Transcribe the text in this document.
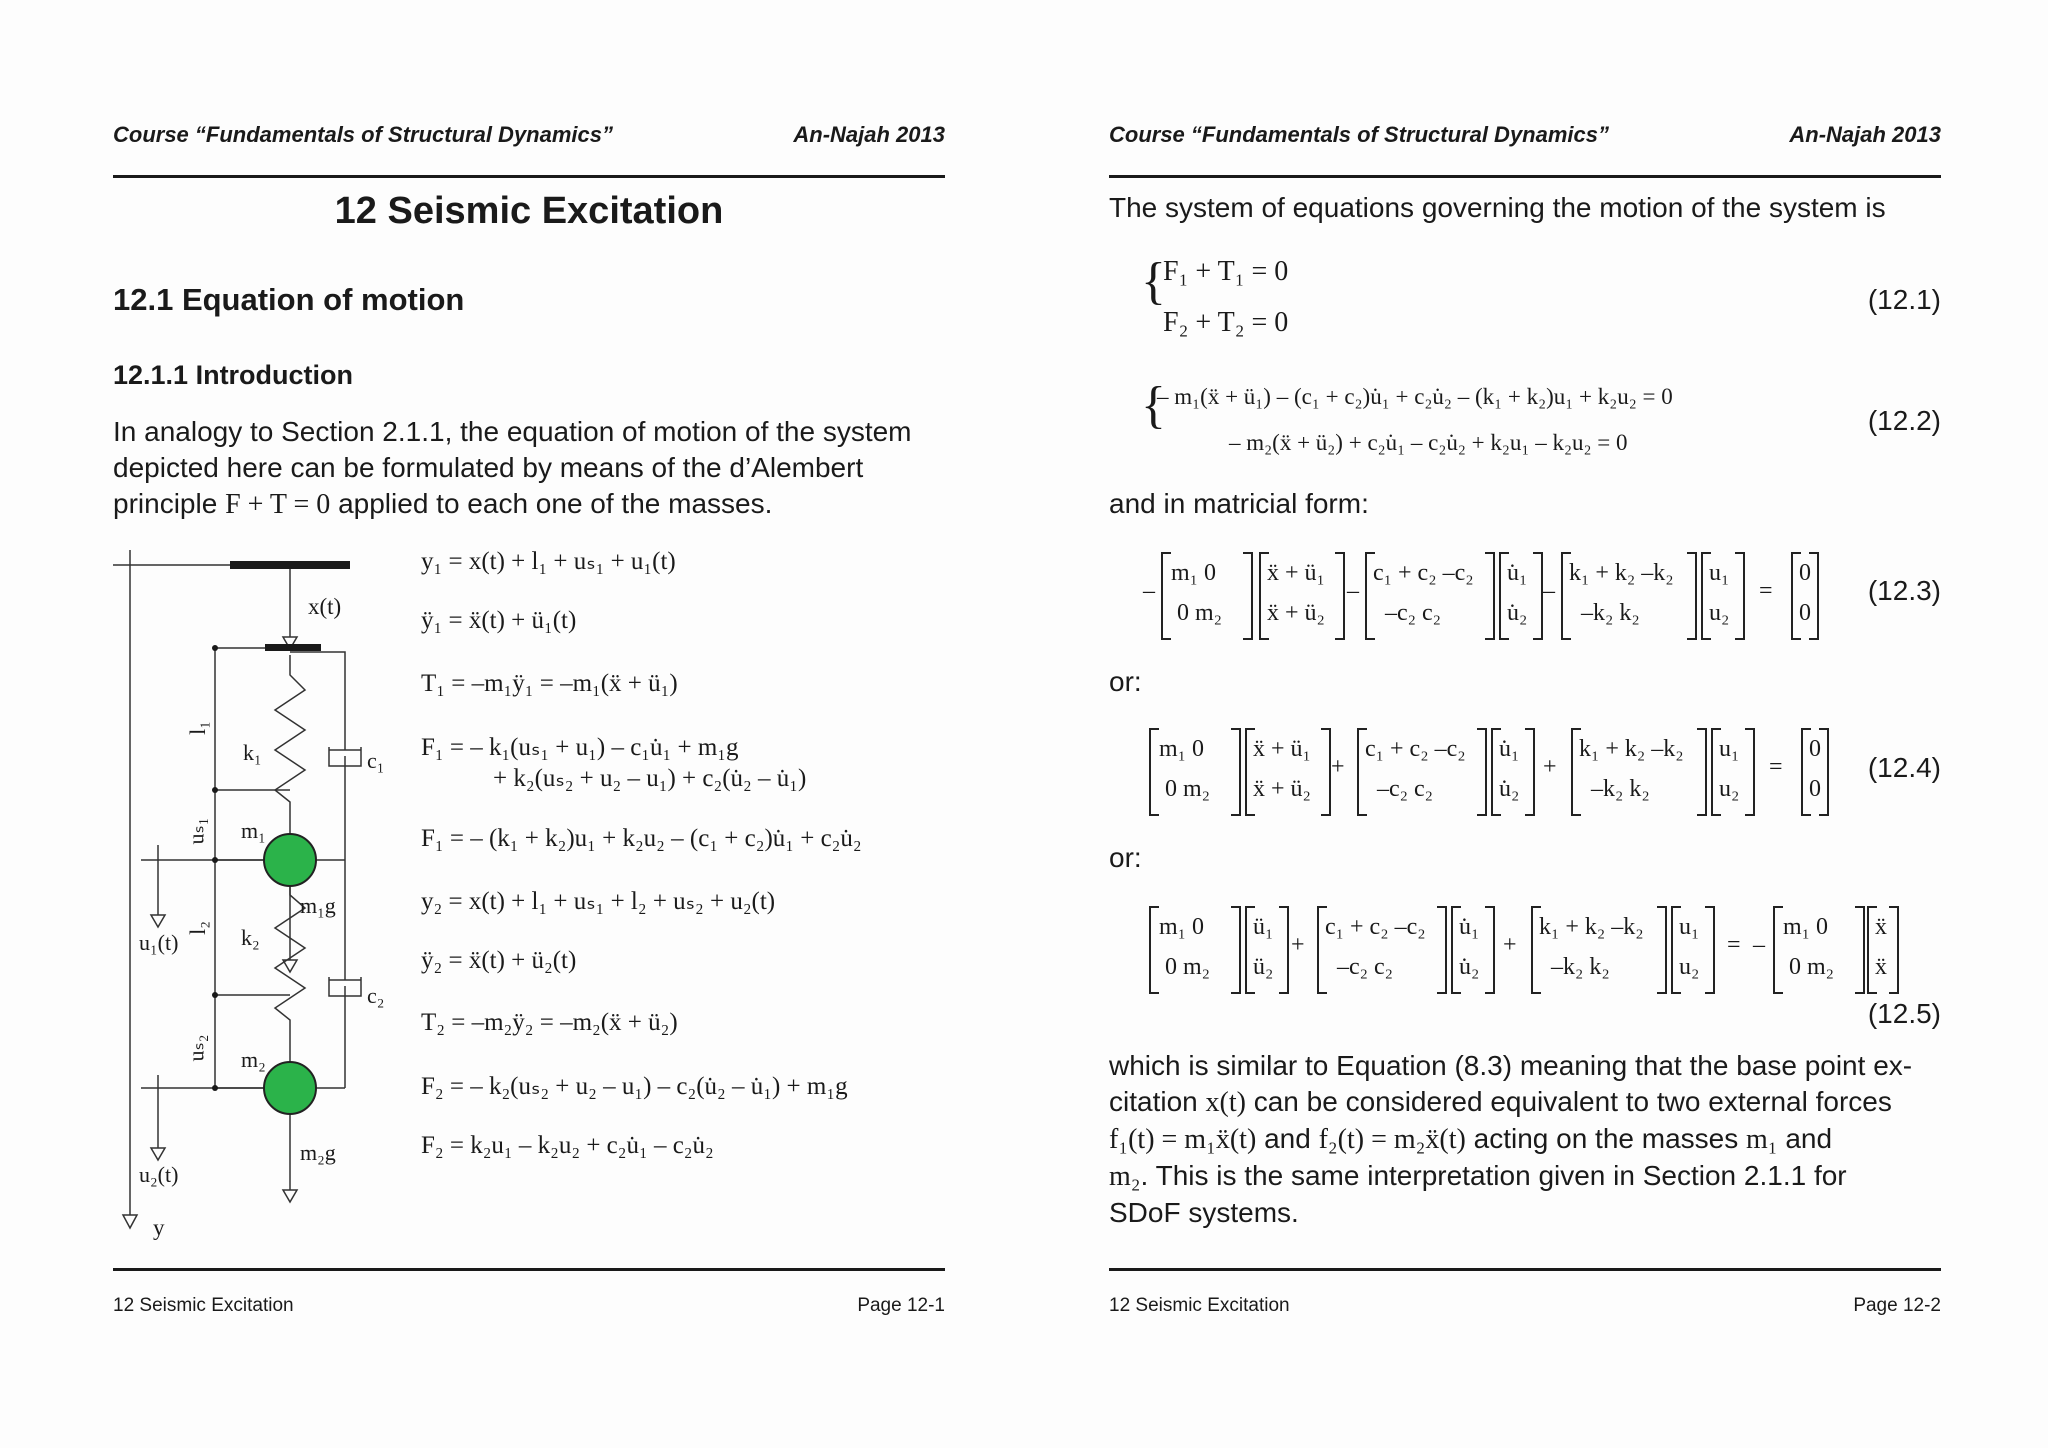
Course “Fundamentals of Structural Dynamics”	An-Najah 2013
12 Seismic Excitation
12.1 Equation of motion
12.1.1 Introduction
In analogy to Section 2.1.1, the equation of motion of the system
depicted here can be formulated by means of the d’Alembert
principle F + T = 0 applied to each one of the masses.
x(t)
l₁
k₁	c₁
uₛ₁ m₁
m₁g
u₁(t)
l₂ k₂
c₂
uₛ₂ m₂
m₂g
u₂(t)
y
y₁ = x(t) + l₁ + uₛ₁ + u₁(t)
ÿ₁ = ẍ(t) + ü₁(t)
T₁ = –m₁ÿ₁ = –m₁(ẍ + ü₁)
F₁ = – k₁(uₛ₁ + u₁) – c₁u̇₁ + m₁g
+ k₂(uₛ₂ + u₂ – u₁) + c₂(u̇₂ – u̇₁)
F₁ = – (k₁ + k₂)u₁ + k₂u₂ – (c₁ + c₂)u̇₁ + c₂u̇₂
y₂ = x(t) + l₁ + uₛ₁ + l₂ + uₛ₂ + u₂(t)
ÿ₂ = ẍ(t) + ü₂(t)
T₂ = –m₂ÿ₂ = –m₂(ẍ + ü₂)
F₂ = – k₂(uₛ₂ + u₂ – u₁) – c₂(u̇₂ – u̇₁) + m₁g
F₂ = k₂u₁ – k₂u₂ + c₂u̇₁ – c₂u̇₂
12 Seismic Excitation	Page 12-1
Course “Fundamentals of Structural Dynamics”	An-Najah 2013
The system of equations governing the motion of the system is
{
F₁ + T₁ = 0
F₂ + T₂ = 0
(12.1)
{
– m₁(ẍ + ü₁) – (c₁ + c₂)u̇₁ + c₂u̇₂ – (k₁ + k₂)u₁ + k₂u₂ = 0
– m₂(ẍ + ü₂) + c₂u̇₁ – c₂u̇₂ + k₂u₁ – k₂u₂ = 0
(12.2)
and in matricial form:
–
m₁ 0
0 m₂
ẍ + ü₁
ẍ + ü₂
–
c₁ + c₂ –c₂
–c₂ c₂
u̇₁
u̇₂
–
k₁ + k₂ –k₂
–k₂ k₂
u₁
u₂
=
0
0
(12.3)
or:
m₁ 0
0 m₂
ẍ + ü₁
ẍ + ü₂
+
c₁ + c₂ –c₂
–c₂ c₂
u̇₁
u̇₂
+
k₁ + k₂ –k₂
–k₂ k₂
u₁
u₂
=
0
0
(12.4)
or:
m₁ 0
0 m₂
ü₁
ü₂
+
c₁ + c₂ –c₂
–c₂ c₂
u̇₁
u̇₂
+
k₁ + k₂ –k₂
–k₂ k₂
u₁
u₂
= –
m₁ 0
0 m₂
ẍ
ẍ
(12.5)
which is similar to Equation (8.3) meaning that the base point ex-
citation x(t) can be considered equivalent to two external forces
f₁(t) = m₁ẍ(t) and f₂(t) = m₂ẍ(t) acting on the masses m₁ and
m₂. This is the same interpretation given in Section 2.1.1 for
SDoF systems.
12 Seismic Excitation	Page 12-2
